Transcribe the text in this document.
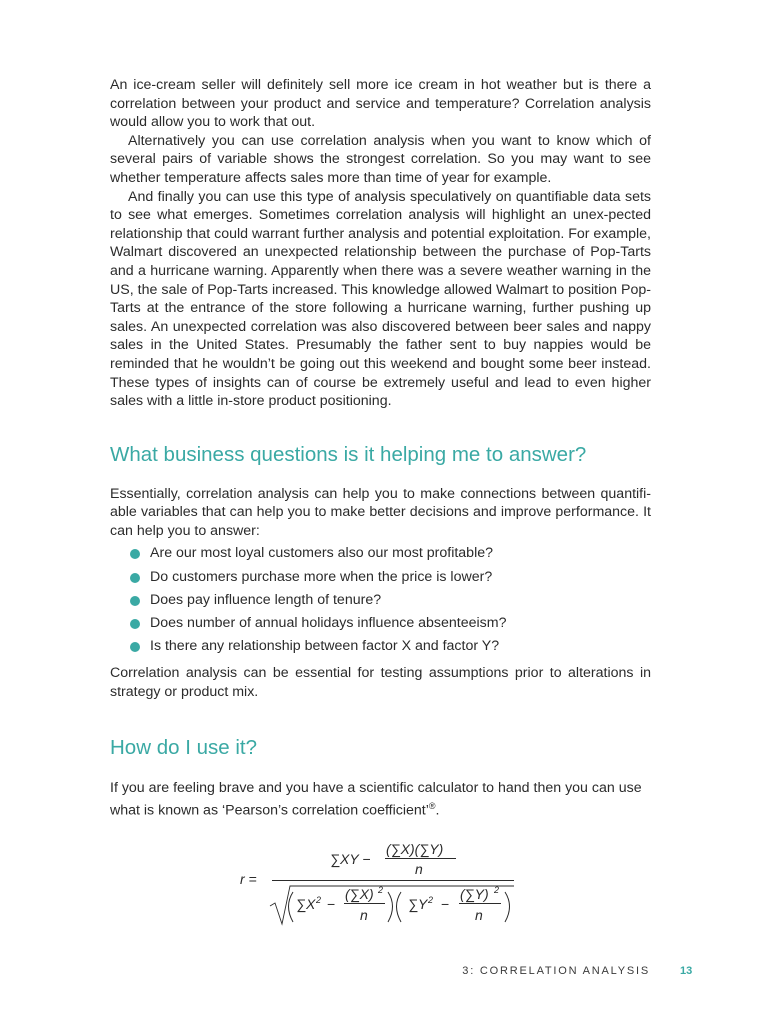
An ice-cream seller will definitely sell more ice cream in hot weather but is there a correlation between your product and service and temperature? Correlation analysis would allow you to work that out.

Alternatively you can use correlation analysis when you want to know which of several pairs of variable shows the strongest correlation. So you may want to see whether temperature affects sales more than time of year for example.

And finally you can use this type of analysis speculatively on quantifiable data sets to see what emerges. Sometimes correlation analysis will highlight an unex-pected relationship that could warrant further analysis and potential exploitation. For example, Walmart discovered an unexpected relationship between the purchase of Pop-Tarts and a hurricane warning. Apparently when there was a severe weather warning in the US, the sale of Pop-Tarts increased. This knowledge allowed Walmart to position Pop-Tarts at the entrance of the store following a hurricane warning, further pushing up sales. An unexpected correlation was also discovered between beer sales and nappy sales in the United States. Presumably the father sent to buy nappies would be reminded that he wouldn’t be going out this weekend and bought some beer instead. These types of insights can of course be extremely useful and lead to even higher sales with a little in-store product positioning.

What business questions is it helping me to answer?

Essentially, correlation analysis can help you to make connections between quantifi-able variables that can help you to make better decisions and improve performance. It can help you to answer:

Are our most loyal customers also our most profitable?
Do customers purchase more when the price is lower?
Does pay influence length of tenure?
Does number of annual holidays influence absenteeism?
Is there any relationship between factor X and factor Y?

Correlation analysis can be essential for testing assumptions prior to alterations in strategy or product mix.

How do I use it?

If you are feeling brave and you have a scientific calculator to hand then you can use what is known as ‘Pearson’s correlation coefficient’®.

r =
∑XY −
(∑X)(∑Y)
n
∑X 2 −
(∑X) 2
n
∑Y 2 −
(∑Y) 2
n
3: CORRELATION ANALYSIS	13
